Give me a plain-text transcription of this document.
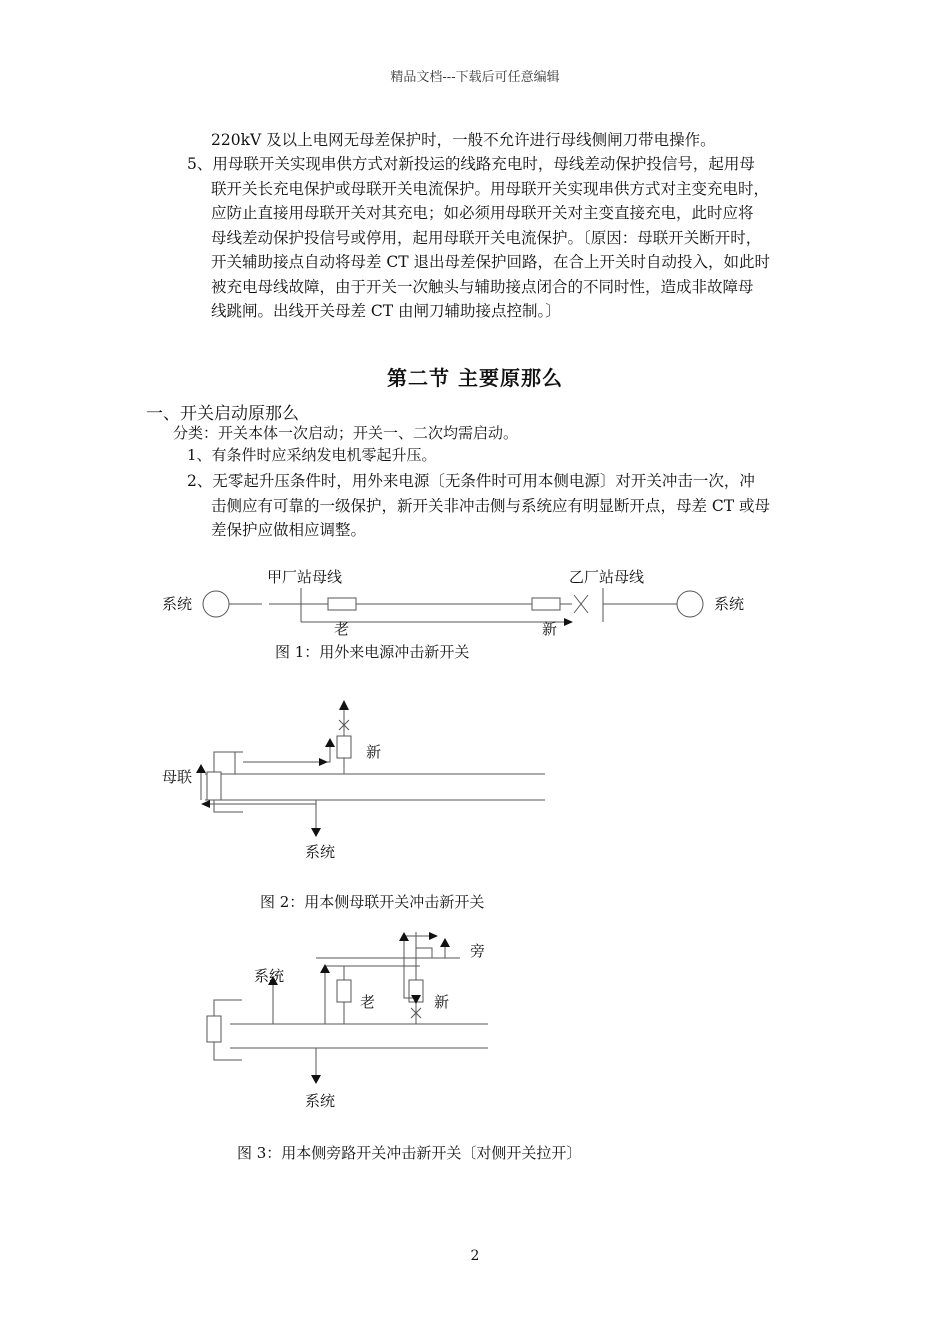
精品文档---下载后可任意编辑
220kV 及以上电网无母差保护时，一般不允许进行母线侧闸刀带电操作。
5、用母联开关实现串供方式对新投运的线路充电时，母线差动保护投信号，起用母
联开关长充电保护或母联开关电流保护。用母联开关实现串供方式对主变充电时，
应防止直接用母联开关对其充电；如必须用母联开关对主变直接充电，此时应将
母线差动保护投信号或停用，起用母联开关电流保护。〔原因：母联开关断开时，
开关辅助接点自动将母差 CT 退出母差保护回路，在合上开关时自动投入，如此时
被充电母线故障，由于开关一次触头与辅助接点闭合的不同时性，造成非故障母
线跳闸。出线开关母差 CT 由闸刀辅助接点控制。〕
第二节 主要原那么
一、开关启动原那么
分类：开关本体一次启动；开关一、二次均需启动。
1、有条件时应采纳发电机零起升压。
2、无零起升压条件时，用外来电源〔无条件时可用本侧电源〕对开关冲击一次，冲
击侧应有可靠的一级保护，新开关非冲击侧与系统应有明显断开点，母差 CT 或母
差保护应做相应调整。
系统	系统
甲厂站母线	乙厂站母线
老	新
图 1：用外来电源冲击新开关
母联
新
系统
图 2：用本侧母联开关冲击新开关
系统
旁
老	新
系统
图 3：用本侧旁路开关冲击新开关〔对侧开关拉开〕
2
